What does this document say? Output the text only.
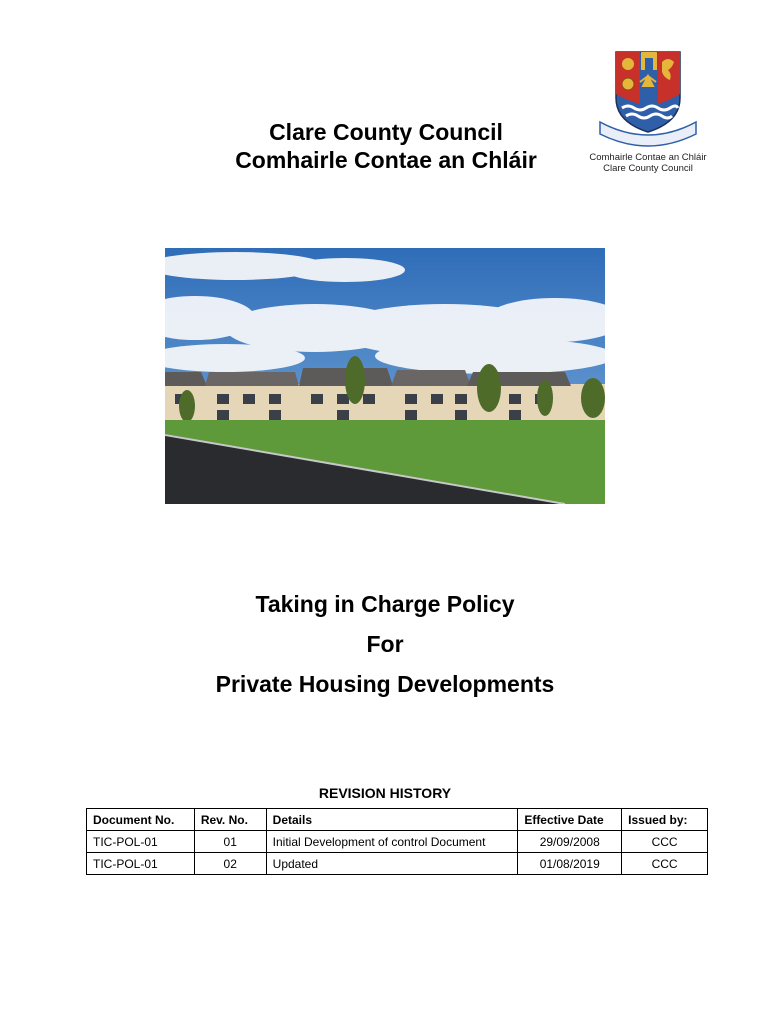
Clare County Council
Comhairle Contae an Chláir	Comhairle Contae an Chláir
Clare County Council
Taking in Charge Policy
For
Private Housing Developments
REVISION HISTORY
Document No.	Rev. No.	Details	Effective Date	Issued by:
TIC-POL-01	01	Initial Development of control Document	29/09/2008	CCC
TIC-POL-01	02	Updated	01/08/2019	CCC
